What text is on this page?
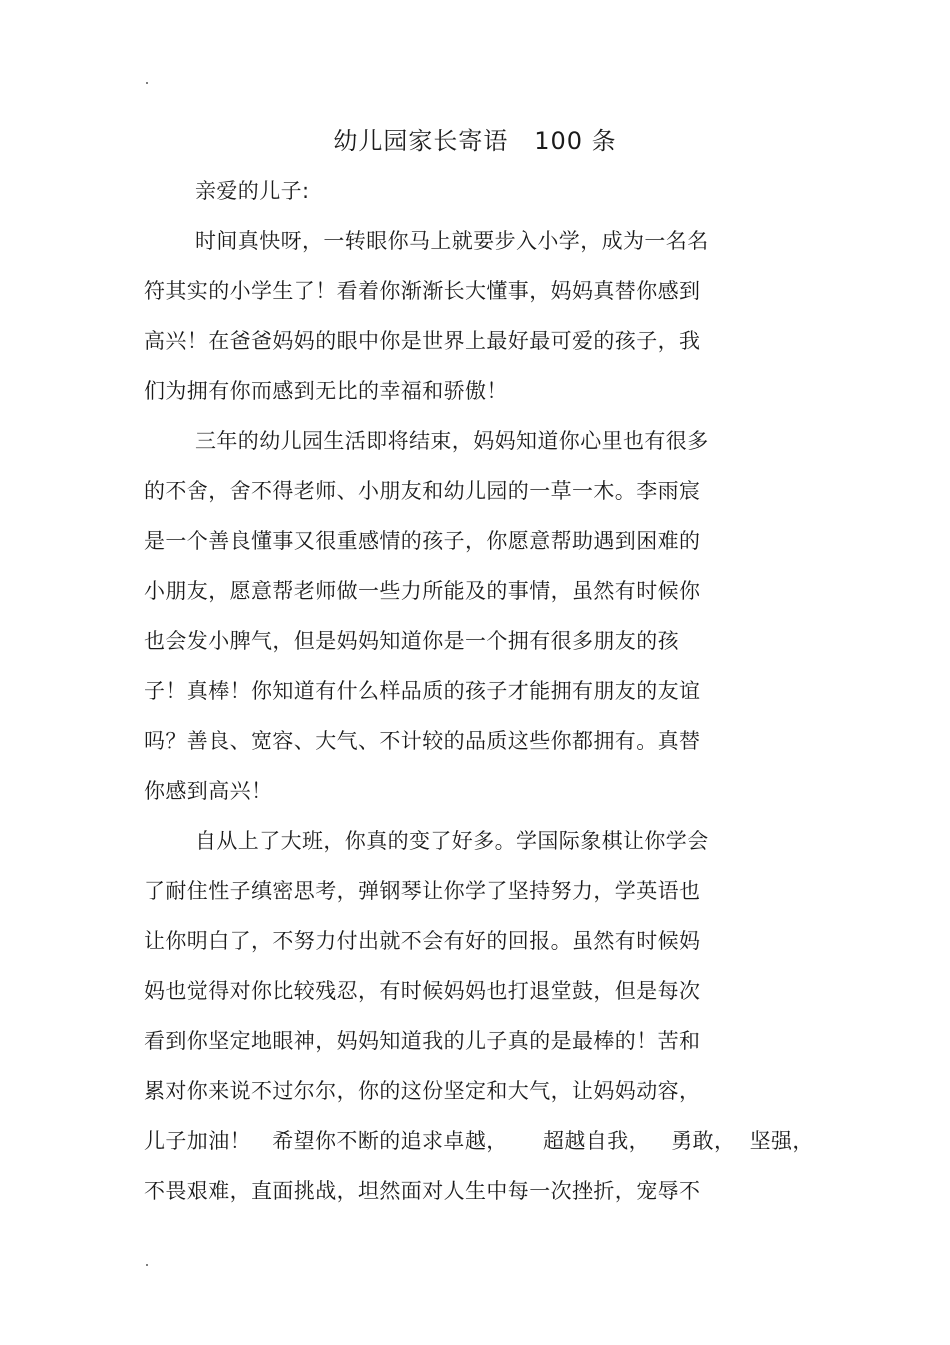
幼儿园家长寄语   100 条
亲爱的儿子:
时间真快呀，一转眼你马上就要步入小学，成为一名名
符其实的小学生了！看着你渐渐长大懂事，妈妈真替你感到
高兴！在爸爸妈妈的眼中你是世界上最好最可爱的孩子，我
们为拥有你而感到无比的幸福和骄傲！
三年的幼儿园生活即将结束，妈妈知道你心里也有很多
的不舍，舍不得老师、小朋友和幼儿园的一草一木。李雨宸
是一个善良懂事又很重感情的孩子，你愿意帮助遇到困难的
小朋友，愿意帮老师做一些力所能及的事情，虽然有时候你
也会发小脾气，但是妈妈知道你是一个拥有很多朋友的孩
子！真棒！你知道有什么样品质的孩子才能拥有朋友的友谊
吗？善良、宽容、大气、不计较的品质这些你都拥有。真替
你感到高兴！
自从上了大班，你真的变了好多。学国际象棋让你学会
了耐住性子缜密思考，弹钢琴让你学了坚持努力，学英语也
让你明白了，不努力付出就不会有好的回报。虽然有时候妈
妈也觉得对你比较残忍，有时候妈妈也打退堂鼓，但是每次
看到你坚定地眼神，妈妈知道我的儿子真的是最棒的！苦和
累对你来说不过尔尔，你的这份坚定和大气，让妈妈动容，
儿子加油！   希望你不断的追求卓越，     超越自我，   勇敢，  坚强，
不畏艰难，直面挑战，坦然面对人生中每一次挫折，宠辱不
